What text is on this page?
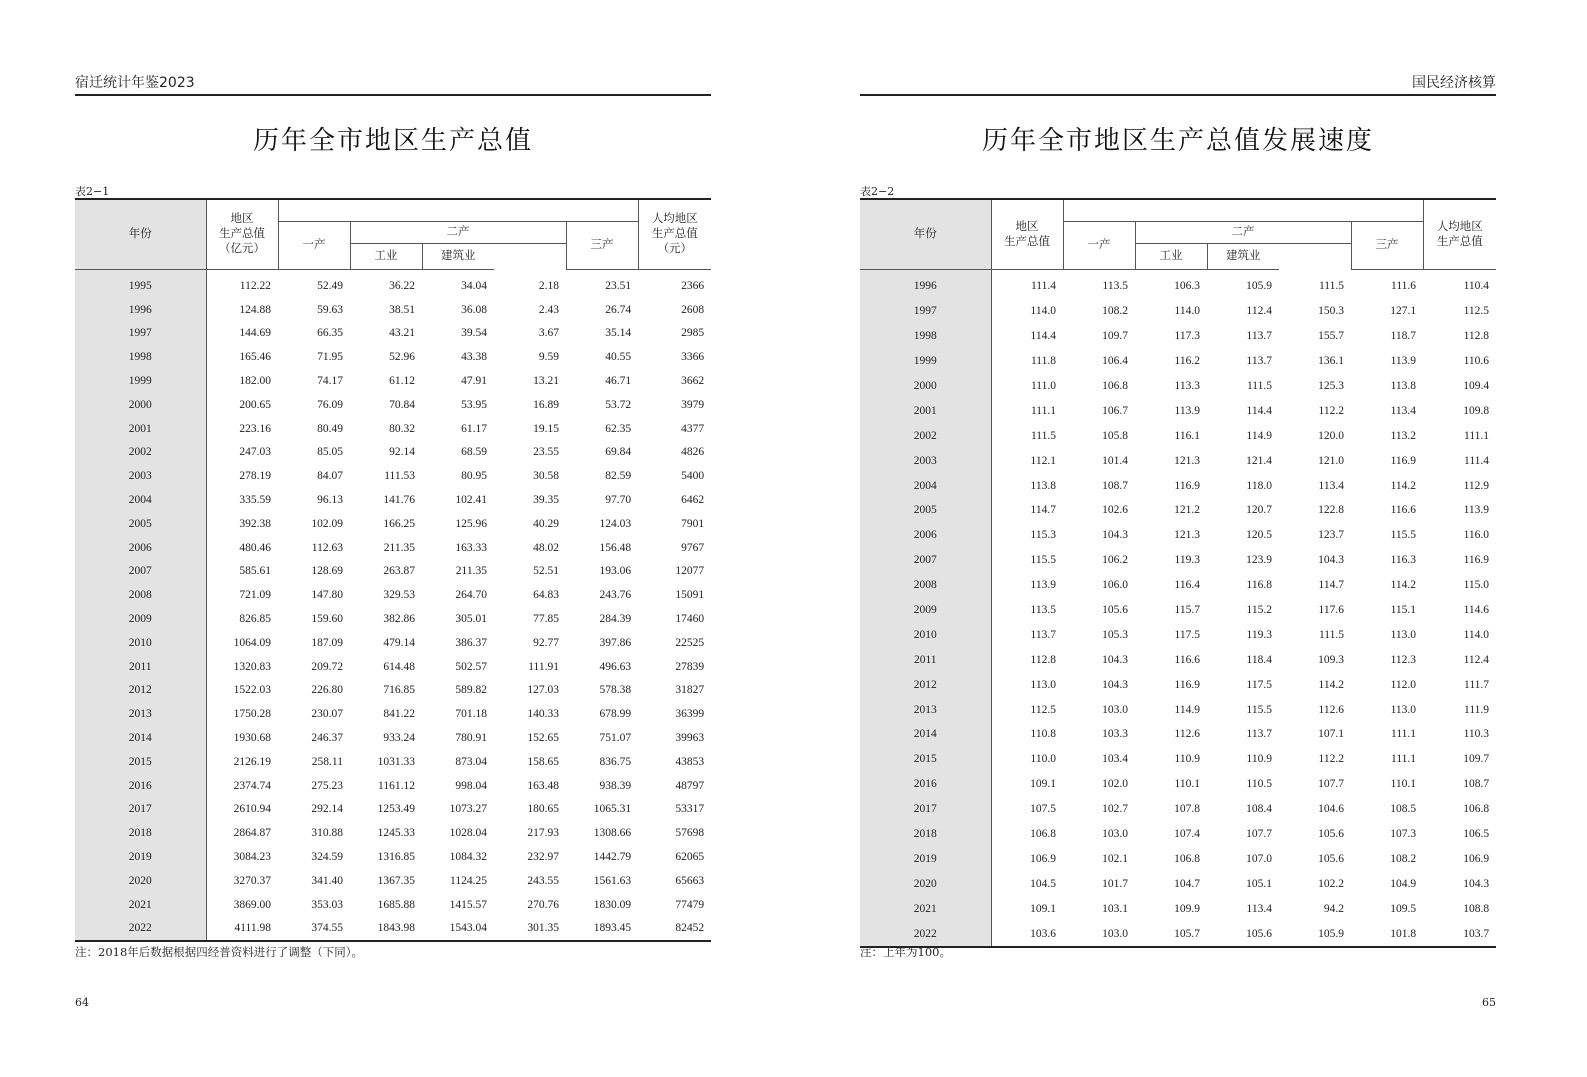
宿迁统计年鉴2023
历年全市地区生产总值
表2−1
年份	地区
生产总值
（亿元）						人均地区
生产总值
（元）
		一产	二产			三产	
			工业	建筑业			
1995	112.22	52.49	36.22	34.04	2.18	23.51	2366
1996	124.88	59.63	38.51	36.08	2.43	26.74	2608
1997	144.69	66.35	43.21	39.54	3.67	35.14	2985
1998	165.46	71.95	52.96	43.38	9.59	40.55	3366
1999	182.00	74.17	61.12	47.91	13.21	46.71	3662
2000	200.65	76.09	70.84	53.95	16.89	53.72	3979
2001	223.16	80.49	80.32	61.17	19.15	62.35	4377
2002	247.03	85.05	92.14	68.59	23.55	69.84	4826
2003	278.19	84.07	111.53	80.95	30.58	82.59	5400
2004	335.59	96.13	141.76	102.41	39.35	97.70	6462
2005	392.38	102.09	166.25	125.96	40.29	124.03	7901
2006	480.46	112.63	211.35	163.33	48.02	156.48	9767
2007	585.61	128.69	263.87	211.35	52.51	193.06	12077
2008	721.09	147.80	329.53	264.70	64.83	243.76	15091
2009	826.85	159.60	382.86	305.01	77.85	284.39	17460
2010	1064.09	187.09	479.14	386.37	92.77	397.86	22525
2011	1320.83	209.72	614.48	502.57	111.91	496.63	27839
2012	1522.03	226.80	716.85	589.82	127.03	578.38	31827
2013	1750.28	230.07	841.22	701.18	140.33	678.99	36399
2014	1930.68	246.37	933.24	780.91	152.65	751.07	39963
2015	2126.19	258.11	1031.33	873.04	158.65	836.75	43853
2016	2374.74	275.23	1161.12	998.04	163.48	938.39	48797
2017	2610.94	292.14	1253.49	1073.27	180.65	1065.31	53317
2018	2864.87	310.88	1245.33	1028.04	217.93	1308.66	57698
2019	3084.23	324.59	1316.85	1084.32	232.97	1442.79	62065
2020	3270.37	341.40	1367.35	1124.25	243.55	1561.63	65663
2021	3869.00	353.03	1685.88	1415.57	270.76	1830.09	77479
2022	4111.98	374.55	1843.98	1543.04	301.35	1893.45	82452
注：2018年后数据根据四经普资料进行了调整（下同）。
64
国民经济核算
历年全市地区生产总值发展速度
表2−2
年份	地区
生产总值						人均地区
生产总值
		一产	二产			三产	
			工业	建筑业			
1996	111.4	113.5	106.3	105.9	111.5	111.6	110.4
1997	114.0	108.2	114.0	112.4	150.3	127.1	112.5
1998	114.4	109.7	117.3	113.7	155.7	118.7	112.8
1999	111.8	106.4	116.2	113.7	136.1	113.9	110.6
2000	111.0	106.8	113.3	111.5	125.3	113.8	109.4
2001	111.1	106.7	113.9	114.4	112.2	113.4	109.8
2002	111.5	105.8	116.1	114.9	120.0	113.2	111.1
2003	112.1	101.4	121.3	121.4	121.0	116.9	111.4
2004	113.8	108.7	116.9	118.0	113.4	114.2	112.9
2005	114.7	102.6	121.2	120.7	122.8	116.6	113.9
2006	115.3	104.3	121.3	120.5	123.7	115.5	116.0
2007	115.5	106.2	119.3	123.9	104.3	116.3	116.9
2008	113.9	106.0	116.4	116.8	114.7	114.2	115.0
2009	113.5	105.6	115.7	115.2	117.6	115.1	114.6
2010	113.7	105.3	117.5	119.3	111.5	113.0	114.0
2011	112.8	104.3	116.6	118.4	109.3	112.3	112.4
2012	113.0	104.3	116.9	117.5	114.2	112.0	111.7
2013	112.5	103.0	114.9	115.5	112.6	113.0	111.9
2014	110.8	103.3	112.6	113.7	107.1	111.1	110.3
2015	110.0	103.4	110.9	110.9	112.2	111.1	109.7
2016	109.1	102.0	110.1	110.5	107.7	110.1	108.7
2017	107.5	102.7	107.8	108.4	104.6	108.5	106.8
2018	106.8	103.0	107.4	107.7	105.6	107.3	106.5
2019	106.9	102.1	106.8	107.0	105.6	108.2	106.9
2020	104.5	101.7	104.7	105.1	102.2	104.9	104.3
2021	109.1	103.1	109.9	113.4	94.2	109.5	108.8
2022	103.6	103.0	105.7	105.6	105.9	101.8	103.7
注：上年为100。
65
